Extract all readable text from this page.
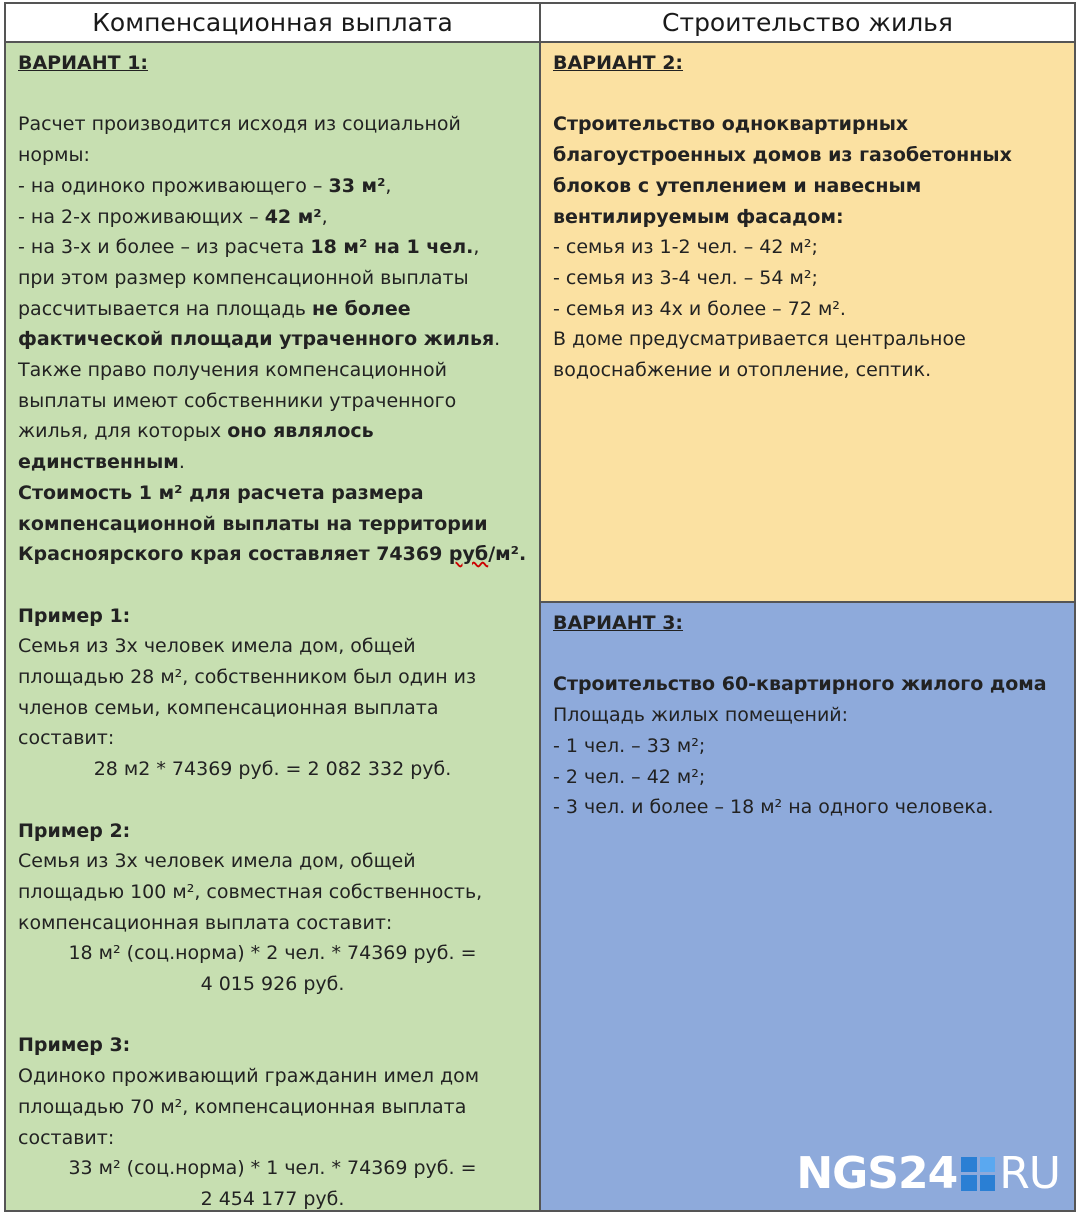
Компенсационная выплата	Строительство жилья

ВАРИАНТ 1:

Расчет производится исходя из социальной нормы:

- на одиноко проживающего – 33 м²,

- на 2-х проживающих – 42 м²,

- на 3-х и более – из расчета 18 м² на 1 чел.,

при этом размер компенсационной выплаты рассчитывается на площадь не более фактической площади утраченного жилья.

Также право получения компенсационной выплаты имеют собственники утраченного жилья, для которых оно являлось единственным.

Стоимость 1 м² для расчета размера компенсационной выплаты на территории Красноярского края составляет 74369 руб/м².

Пример 1:

Семья из 3х человек имела дом, общей площадью 28 м², собственником был один из членов семьи, компенсационная выплата составит:

28 м2 * 74369 руб. = 2 082 332 руб.

Пример 2:

Семья из 3х человек имела дом, общей площадью 100 м², совместная собственность, компенсационная выплата составит:

18 м² (соц.норма) * 2 чел. * 74369 руб. =

4 015 926 руб.

Пример 3:

Одиноко проживающий гражданин имел дом площадью 70 м², компенсационная выплата составит:

33 м² (соц.норма) * 1 чел. * 74369 руб. =

2 454 177 руб.

ВАРИАНТ 2:

Строительство одноквартирных благоустроенных домов из газобетонных блоков с утеплением и навесным вентилируемым фасадом:

- семья из 1-2 чел. – 42 м²;

- семья из 3-4 чел. – 54 м²;

- семья из 4х и более – 72 м².

В доме предусматривается центральное водоснабжение и отопление, септик.

ВАРИАНТ 3:

Строительство 60-квартирного жилого дома

Площадь жилых помещений:

- 1 чел. – 33 м²;

- 2 чел. – 42 м²;

- 3 чел. и более – 18 м² на одного человека.

NGS24 RU
